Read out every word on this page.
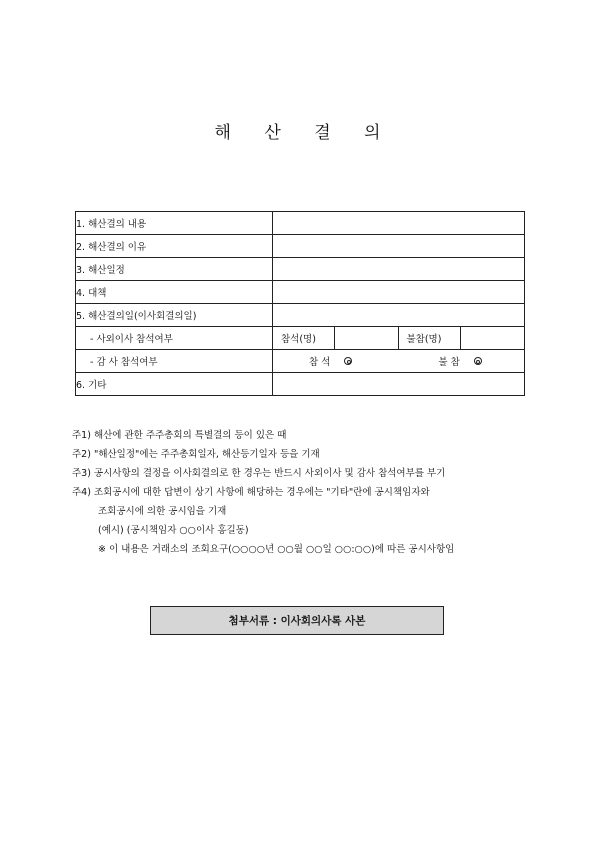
해 산 결 의
1. 해산결의 내용	
2. 해산결의 이유	
3. 해산일정	
4. 대책	
5. 해산결의일(이사회결의일)	
- 사외이사 참석여부	참석(명) 불참(명)

- 감 사 참석여부	참 석 불 참

6. 기타	
주1) 해산에 관한 주주총회의 특별결의 등이 있은 때
주2) "해산일정"에는 주주총회일자, 해산등기일자 등을 기재
주3) 공시사항의 결정을 이사회결의로 한 경우는 반드시 사외이사 및 감사 참석여부를 부기
주4) 조회공시에 대한 답변이 상기 사항에 해당하는 경우에는 "기타"란에 공시책임자와
조회공시에 의한 공시임을 기재
(예시) (공시책임자 ○○이사 홍길동)
※ 이 내용은 거래소의 조회요구(○○○○년 ○○월 ○○일 ○○:○○)에 따른 공시사항임
첨부서류 : 이사회의사록 사본
